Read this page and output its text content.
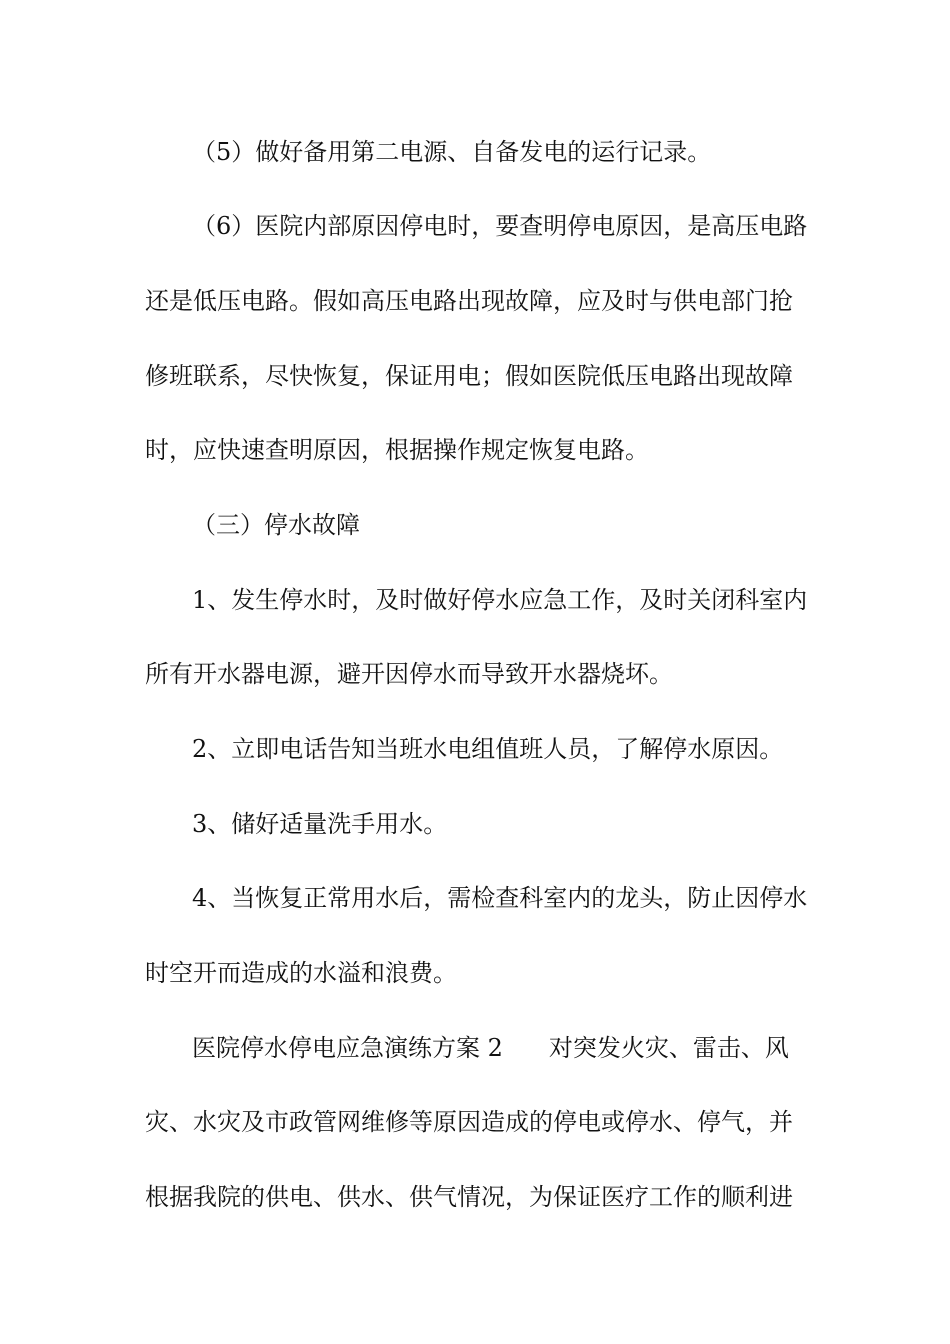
（5）做好备用第二电源、自备发电的运行记录。
（6）医院内部原因停电时，要查明停电原因，是高压电路
还是低压电路。假如高压电路出现故障，应及时与供电部门抢
修班联系，尽快恢复，保证用电；假如医院低压电路出现故障
时，应快速查明原因，根据操作规定恢复电路。
（三）停水故障
1、发生停水时，及时做好停水应急工作，及时关闭科室内
所有开水器电源，避开因停水而导致开水器烧坏。
2、立即电话告知当班水电组值班人员，了解停水原因。
3、储好适量洗手用水。
4、当恢复正常用水后，需检查科室内的龙头，防止因停水
时空开而造成的水溢和浪费。
医院停水停电应急演练方案 2 对突发火灾、雷击、风
灾、水灾及市政管网维修等原因造成的停电或停水、停气，并
根据我院的供电、供水、供气情况，为保证医疗工作的顺利进
